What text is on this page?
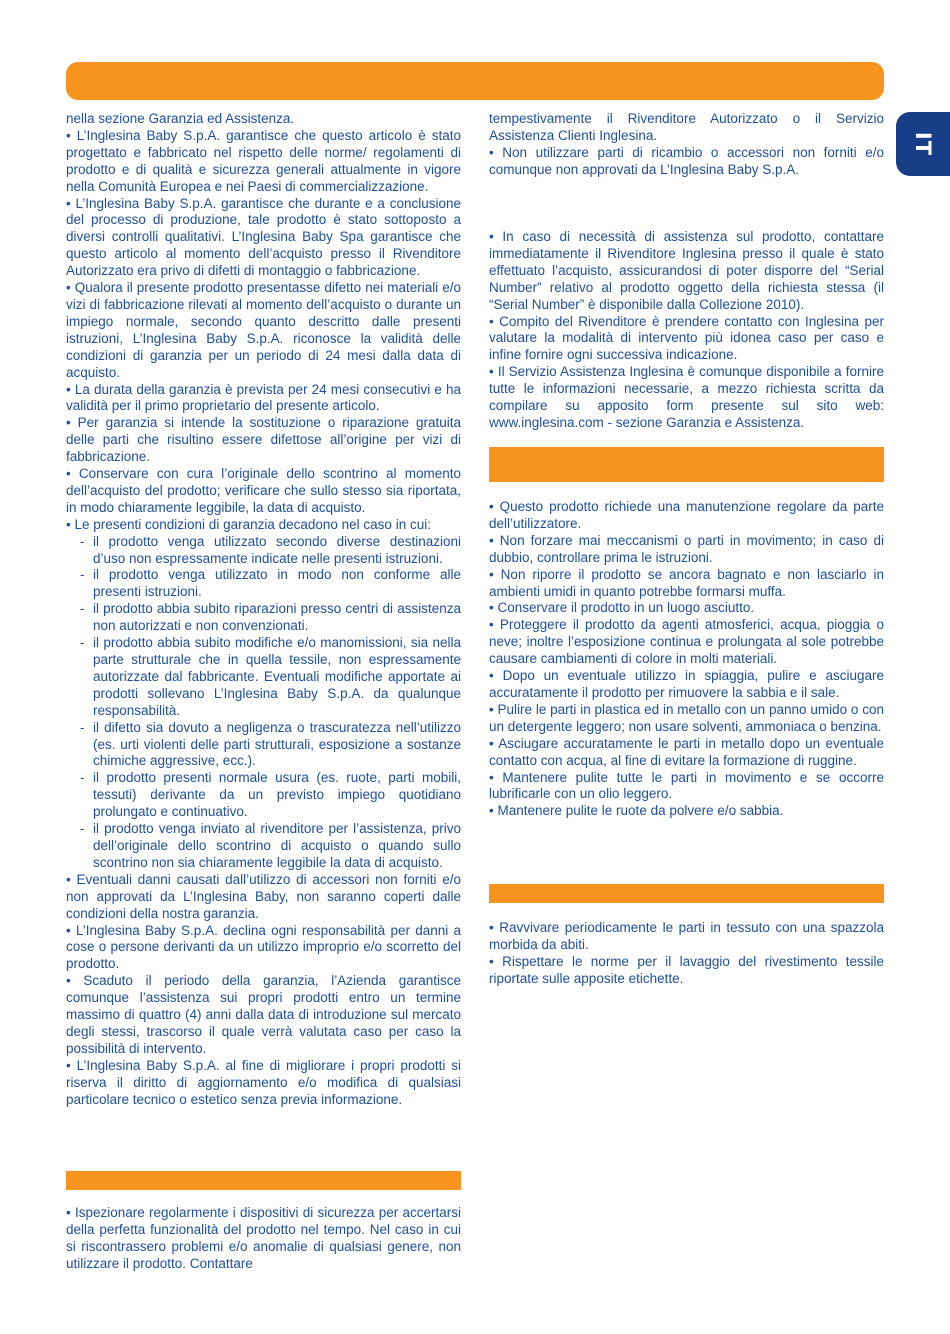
IT

nella sezione Garanzia ed Assistenza.

• L’Inglesina Baby S.p.A. garantisce che questo articolo è stato progettato e fabbricato nel rispetto delle norme/ regolamenti di prodotto e di qualità e sicurezza generali attualmente in vigore nella Comunità Europea e nei Paesi di commercializzazione.

• L’Inglesina Baby S.p.A. garantisce che durante e a conclusione del processo di produzione, tale prodotto è stato sottoposto a diversi controlli qualitativi. L’Inglesina Baby Spa garantisce che questo articolo al momento dell’acquisto presso il Rivenditore Autorizzato era privo di difetti di montaggio o fabbricazione.

• Qualora il presente prodotto presentasse difetto nei materiali e/o vizi di fabbricazione rilevati al momento dell’acquisto o durante un impiego normale, secondo quanto descritto dalle presenti istruzioni, L’Inglesina Baby S.p.A. riconosce la validità delle condizioni di garanzia per un periodo di 24 mesi dalla data di acquisto.

• La durata della garanzia è prevista per 24 mesi consecutivi e ha validità per il primo proprietario del presente articolo.

• Per garanzia si intende la sostituzione o riparazione gratuita delle parti che risultino essere difettose all’origine per vizi di fabbricazione.

• Conservare con cura l’originale dello scontrino al momento dell’acquisto del prodotto; verificare che sullo stesso sia riportata, in modo chiaramente leggibile, la data di acquisto.

• Le presenti condizioni di garanzia decadono nel caso in cui:

- il prodotto venga utilizzato secondo diverse destinazioni d’uso non espressamente indicate nelle presenti istruzioni.
- il prodotto venga utilizzato in modo non conforme alle presenti istruzioni.
- il prodotto abbia subito riparazioni presso centri di assistenza non autorizzati e non convenzionati.
- il prodotto abbia subito modifiche e/o manomissioni, sia nella parte strutturale che in quella tessile, non espressamente autorizzate dal fabbricante. Eventuali modifiche apportate ai prodotti sollevano L’Inglesina Baby S.p.A. da qualunque responsabilità.
- il difetto sia dovuto a negligenza o trascuratezza nell’utilizzo (es. urti violenti delle parti strutturali, esposizione a sostanze chimiche aggressive, ecc.).
- il prodotto presenti normale usura (es. ruote, parti mobili, tessuti) derivante da un previsto impiego quotidiano prolungato e continuativo.
- il prodotto venga inviato al rivenditore per l’assistenza, privo dell’originale dello scontrino di acquisto o quando sullo scontrino non sia chiaramente leggibile la data di acquisto.

• Eventuali danni causati dall’utilizzo di accessori non forniti e/o non approvati da L’Inglesina Baby, non saranno coperti dalle condizioni della nostra garanzia.

• L’Inglesina Baby S.p.A. declina ogni responsabilità per danni a cose o persone derivanti da un utilizzo improprio e/o scorretto del prodotto.

• Scaduto il periodo della garanzia, l’Azienda garantisce comunque l’assistenza sui propri prodotti entro un termine massimo di quattro (4) anni dalla data di introduzione sul mercato degli stessi, trascorso il quale verrà valutata caso per caso la possibilità di intervento.

• L’Inglesina Baby S.p.A. al fine di migliorare i propri prodotti si riserva il diritto di aggiornamento e/o modifica di qualsiasi particolare tecnico o estetico senza previa informazione.

• Ispezionare regolarmente i dispositivi di sicurezza per accertarsi della perfetta funzionalità del prodotto nel tempo. Nel caso in cui si riscontrassero problemi e/o anomalie di qualsiasi genere, non utilizzare il prodotto. Contattare

tempestivamente il Rivenditore Autorizzato o il Servizio Assistenza Clienti Inglesina.

• Non utilizzare parti di ricambio o accessori non forniti e/o comunque non approvati da L’Inglesina Baby S.p.A.

• In caso di necessità di assistenza sul prodotto, contattare immediatamente il Rivenditore Inglesina presso il quale è stato effettuato l’acquisto, assicurandosi di poter disporre del “Serial Number” relativo al prodotto oggetto della richiesta stessa (il “Serial Number” è disponibile dalla Collezione 2010).

• Compito del Rivenditore è prendere contatto con Inglesina per valutare la modalità di intervento più idonea caso per caso e infine fornire ogni successiva indicazione.

• Il Servizio Assistenza Inglesina è comunque disponibile a fornire tutte le informazioni necessarie, a mezzo richiesta scritta da compilare su apposito form presente sul sito web: www.inglesina.com - sezione Garanzia e Assistenza.

• Questo prodotto richiede una manutenzione regolare da parte dell’utilizzatore.

• Non forzare mai meccanismi o parti in movimento; in caso di dubbio, controllare prima le istruzioni.

• Non riporre il prodotto se ancora bagnato e non lasciarlo in ambienti umidi in quanto potrebbe formarsi muffa.

• Conservare il prodotto in un luogo asciutto.

• Proteggere il prodotto da agenti atmosferici, acqua, pioggia o neve; inoltre l’esposizione continua e prolungata al sole potrebbe causare cambiamenti di colore in molti materiali.

• Dopo un eventuale utilizzo in spiaggia, pulire e asciugare accuratamente il prodotto per rimuovere la sabbia e il sale.

• Pulire le parti in plastica ed in metallo con un panno umido o con un detergente leggero; non usare solventi, ammoniaca o benzina.

• Asciugare accuratamente le parti in metallo dopo un eventuale contatto con acqua, al fine di evitare la formazione di ruggine.

• Mantenere pulite tutte le parti in movimento e se occorre lubrificarle con un olio leggero.

• Mantenere pulite le ruote da polvere e/o sabbia.

• Ravvivare periodicamente le parti in tessuto con una spazzola morbida da abiti.

• Rispettare le norme per il lavaggio del rivestimento tessile riportate sulle apposite etichette.
